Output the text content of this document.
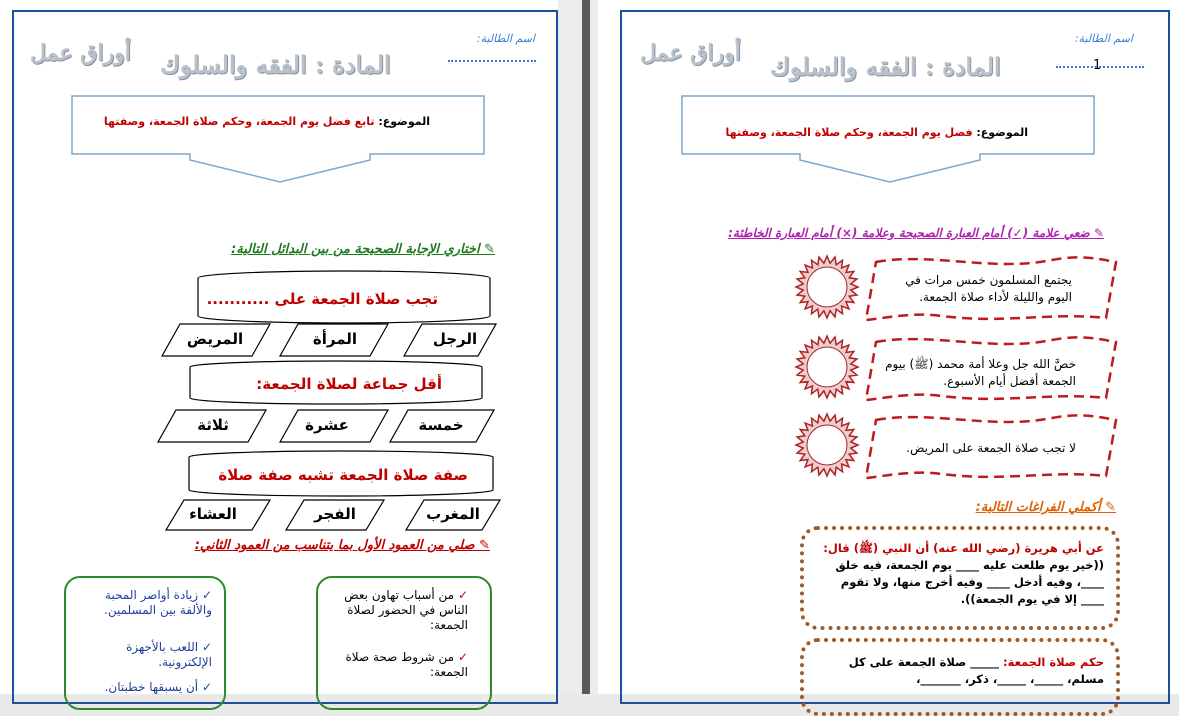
اسم الطالبة:
أوراق عمل المادة : الفقه والسلوك
الموضوع: تابع فضل يوم الجمعة، وحكم صلاة الجمعة، وصفتها
✎ اختاري الإجابة الصحيحة من بين البدائل التالية:
تجب صلاة الجمعة على ...........
الرجل
المرأة
المريض
أقل جماعة لصلاة الجمعة:
خمسة
عشرة
ثلاثة
صفة صلاة الجمعة تشبه صفة صلاة
المغرب
الفجر
العشاء
✎ صلي من العمود الأول بما يتناسب من العمود الثاني:
✓ من أسباب تهاون بعض الناس في الحضور لصلاة الجمعة:
✓ من شروط صحة صلاة الجمعة:
✓ زيادة أواصر المحبة والألفة بين المسلمين.
✓ اللعب بالأجهزة الإلكترونية.
✓ أن يسبقها خطبتان.
اسم الطالبة:
1
أوراق عمل المادة : الفقه والسلوك
الموضوع: فضل يوم الجمعة، وحكم صلاة الجمعة، وصفتها
✎ ضعي علامة (✓) أمام العبارة الصحيحة وعلامة (×) أمام العبارة الخاطئة:
يجتمع المسلمون خمس مرات في اليوم والليلة لأداء صلاة الجمعة.
خصَّ الله جل وعلا أمة محمد (ﷺ) بيوم الجمعة أفضل أيام الأسبوع.
لا تجب صلاة الجمعة على المريض.
✎ أكملي الفراغات التالية:
عن أبي هريرة (رضي الله عنه) أن النبي (ﷺ) قال:
((خير يوم طلعت عليه ____ يوم الجمعة، فيه خلق ____، وفيه أدخل ____ وفيه أخرج منها، ولا تقوم ____ إلا في يوم الجمعة)).
حكم صلاة الجمعة: _____ صلاة الجمعة على كل مسلم، _____، _____، ذكر، _______،
